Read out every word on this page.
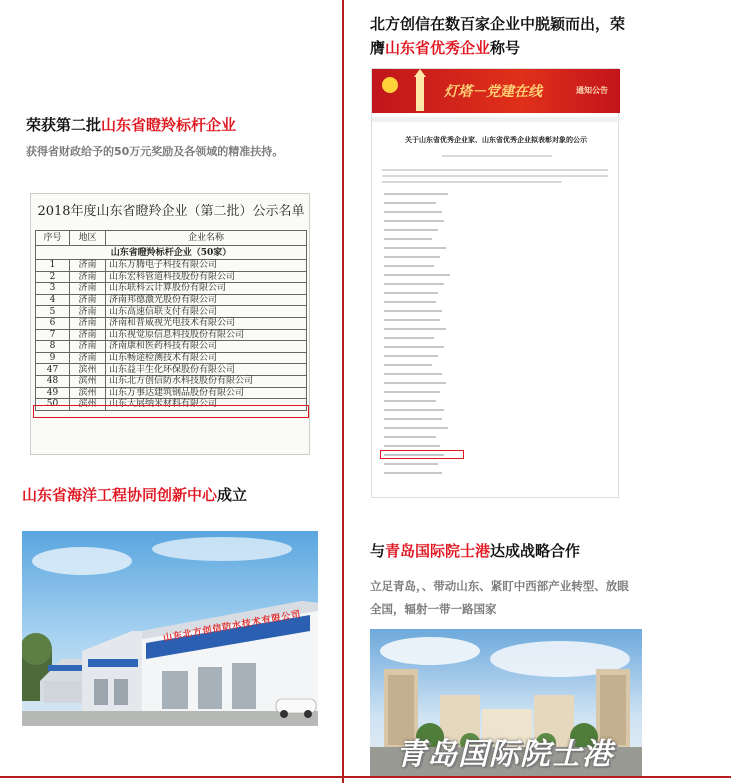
荣获第二批山东省瞪羚标杆企业
获得省财政给予的50万元奖励及各领域的精准扶持。
2018年度山东省瞪羚企业（第二批）公示名单
序号	地区	企业名称
山东省瞪羚标杆企业（50家）		
1	济南	山东万腾电子科技有限公司
2	济南	山东宏科管道科技股份有限公司
3	济南	山东联科云计算股份有限公司
4	济南	济南邦德激光股份有限公司
5	济南	山东高速信联支付有限公司
6	济南	济南和普威视光电技术有限公司
7	济南	山东视觉原信息科技股份有限公司
8	济南	济南康和医药科技有限公司
9	济南	山东畅途检测技术有限公司
47	滨州	山东益丰生化环保股份有限公司
48	滨州	山东北方创信防水科技股份有限公司
49	滨州	山东万事达建筑钢品股份有限公司
50	滨州	山东大展纳米材料有限公司
山东省海洋工程协同创新中心成立
山东北方创信防水技术有限公司
北方创信在数百家企业中脱颖而出，荣
膺山东省优秀企业称号
灯塔－党建在线	通知公告
关于山东省优秀企业家、山东省优秀企业拟表彰对象的公示
与青岛国际院士港达成战略合作
立足青岛，、带动山东、紧盯中西部产业转型、放眼
全国，辐射一带一路国家
青岛国际院士港
